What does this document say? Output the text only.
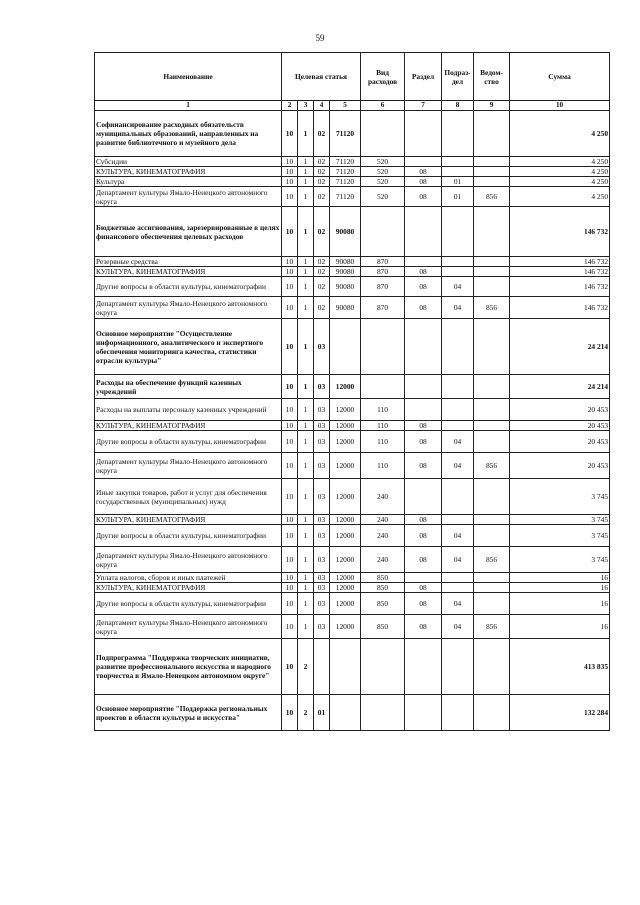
59
Наименование	Целевая статья				Вид расходов	Раздел	Подраз-дел	Ведом-ство	Сумма
1	2	3	4	5	6	7	8	9	10
Софинансирование расходных обязательств муниципальных образований, направленных на развитие библиотечного и музейного дела	10	1	02	71120					4 250
Субсидии	10	1	02	71120	520				4 250
КУЛЬТУРА, КИНЕМАТОГРАФИЯ	10	1	02	71120	520	08			4 250
Культура	10	1	02	71120	520	08	01		4 250
Департамент культуры Ямало-Ненецкого автономного округа	10	1	02	71120	520	08	01	856	4 250
Бюджетные ассигнования, зарезервированные в целях финансового обеспечения целевых расходов	10	1	02	90080					146 732
Резервные средства	10	1	02	90080	870				146 732
КУЛЬТУРА, КИНЕМАТОГРАФИЯ	10	1	02	90080	870	08			146 732
Другие вопросы в области культуры, кинематографии	10	1	02	90080	870	08	04		146 732
Департамент культуры Ямало-Ненецкого автономного округа	10	1	02	90080	870	08	04	856	146 732
Основное мероприятие "Осуществление информационного, аналитического и экспертного обеспечения мониторинга качества, статистики отрасли культуры"	10	1	03						24 214
Расходы на обеспечение функций казенных учреждений	10	1	03	12000					24 214
Расходы на выплаты персоналу казенных учреждений	10	1	03	12000	110				20 453
КУЛЬТУРА, КИНЕМАТОГРАФИЯ	10	1	03	12000	110	08			20 453
Другие вопросы в области культуры, кинематографии	10	1	03	12000	110	08	04		20 453
Департамент культуры Ямало-Ненецкого автономного округа	10	1	03	12000	110	08	04	856	20 453
Иные закупки товаров, работ и услуг для обеспечения государственных (муниципальных) нужд	10	1	03	12000	240				3 745
КУЛЬТУРА, КИНЕМАТОГРАФИЯ	10	1	03	12000	240	08			3 745
Другие вопросы в области культуры, кинематографии	10	1	03	12000	240	08	04		3 745
Департамент культуры Ямало-Ненецкого автономного округа	10	1	03	12000	240	08	04	856	3 745
Уплата налогов, сборов и иных платежей	10	1	03	12000	850				16
КУЛЬТУРА, КИНЕМАТОГРАФИЯ	10	1	03	12000	850	08			16
Другие вопросы в области культуры, кинематографии	10	1	03	12000	850	08	04		16
Департамент культуры Ямало-Ненецкого автономного округа	10	1	03	12000	850	08	04	856	16
Подпрограмма "Поддержка творческих инициатив, развитие профессионального искусства и народного творчества в Ямало-Ненецком автономном округе"	10	2							413 835
Основное мероприятие "Поддержка региональных проектов в области культуры и искусства"	10	2	01						132 284
